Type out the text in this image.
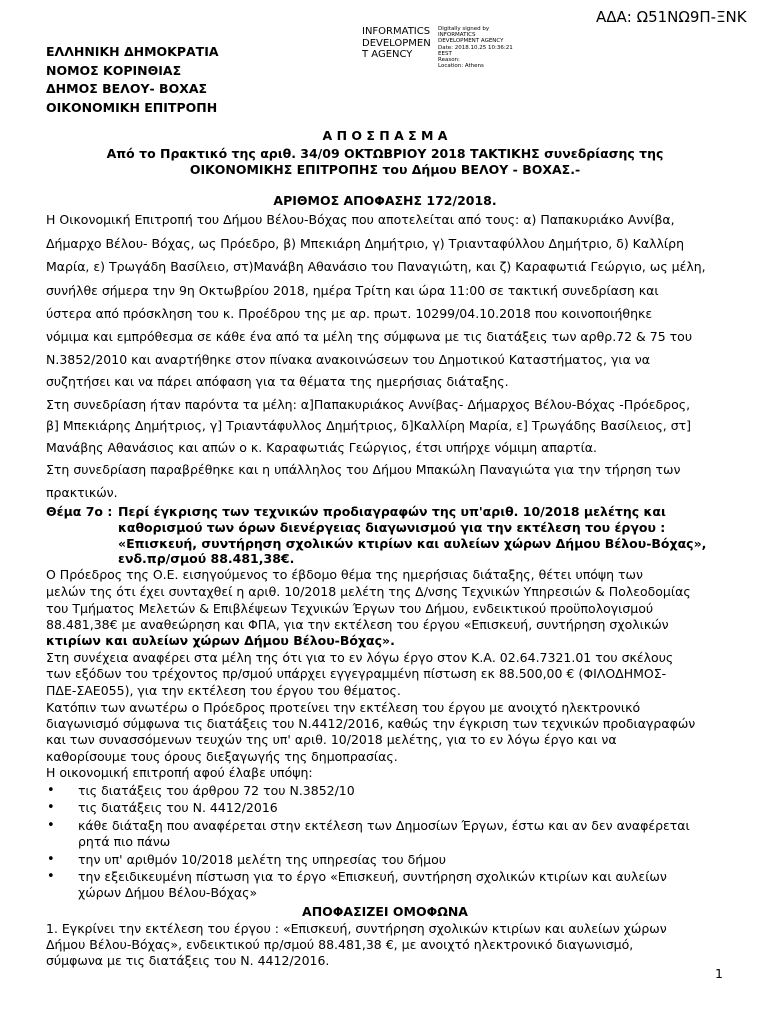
ΑΔΑ: Ω51ΝΩ9Π-ΞΝΚ
INFORMATICS
DEVELOPMEN
T AGENCY
Digitally signed by
INFORMATICS
DEVELOPMENT AGENCY
Date: 2018.10.25 10:36:21
EEST
Reason:
Location: Athens
ΕΛΛΗΝΙΚΗ ΔΗΜΟΚΡΑΤΙΑ
ΝΟΜΟΣ ΚΟΡΙΝΘΙΑΣ
ΔΗΜΟΣ ΒΕΛΟΥ- ΒΟΧΑΣ
ΟΙΚΟΝΟΜΙΚΗ ΕΠΙΤΡΟΠΗ
Α Π Ο Σ Π Α Σ Μ Α
Από το Πρακτικό της αριθ. 34/09 ΟΚΤΩΒΡΙΟΥ 2018 ΤΑΚΤΙΚΗΣ συνεδρίασης της
ΟΙΚΟΝΟΜΙΚΗΣ ΕΠΙΤΡΟΠΗΣ του Δήμου ΒΕΛΟΥ - ΒΟΧΑΣ.-
ΑΡΙΘΜΟΣ ΑΠΟΦΑΣΗΣ 172/2018.
Η Οικονομική Επιτροπή του Δήμου Βέλου-Βόχας που αποτελείται από τους: α) Παπακυριάκο Αννίβα,
Δήμαρχο Βέλου- Βόχας, ως Πρόεδρο, β) Μπεκιάρη Δημήτριο, γ) Τριανταφύλλου Δημήτριο, δ) Καλλίρη
Μαρία, ε) Τρωγάδη Βασίλειο, στ)Μανάβη Αθανάσιο του Παναγιώτη, και ζ) Καραφωτιά Γεώργιο, ως μέλη,
συνήλθε σήμερα την 9η Οκτωβρίου 2018, ημέρα Τρίτη και ώρα 11:00 σε τακτική συνεδρίαση και
ύστερα από πρόσκληση του κ. Προέδρου της με αρ. πρωτ. 10299/04.10.2018 που κοινοποιήθηκε
νόμιμα και εμπρόθεσμα σε κάθε ένα από τα μέλη της σύμφωνα με τις διατάξεις των αρθρ.72 & 75 του
Ν.3852/2010 και αναρτήθηκε στον πίνακα ανακοινώσεων του Δημοτικού Καταστήματος, για να
συζητήσει και να πάρει απόφαση για τα θέματα της ημερήσιας διάταξης.
Στη συνεδρίαση ήταν παρόντα τα μέλη: α]Παπακυριάκος Αννίβας- Δήμαρχος Βέλου-Βόχας -Πρόεδρος,
β] Μπεκιάρης Δημήτριος, γ] Τριαντάφυλλος Δημήτριος, δ]Καλλίρη Μαρία, ε] Τρωγάδης Βασίλειος, στ]
Μανάβης Αθανάσιος και απών ο κ. Καραφωτιάς Γεώργιος, έτσι υπήρχε νόμιμη απαρτία.
Στη συνεδρίαση παραβρέθηκε και η υπάλληλος του Δήμου Μπακώλη Παναγιώτα για την τήρηση των
πρακτικών.
Θέμα 7ο : Περί έγκρισης των τεχνικών προδιαγραφών της υπ'αριθ. 10/2018 μελέτης και
καθορισμού των όρων διενέργειας διαγωνισμού για την εκτέλεση του έργου :
«Επισκευή, συντήρηση σχολικών κτιρίων και αυλείων χώρων Δήμου Βέλου-Βόχας»,
ενδ.πρ/σμού 88.481,38€.
Ο Πρόεδρος της Ο.Ε. εισηγούμενος το έβδομο θέμα της ημερήσιας διάταξης, θέτει υπόψη των
μελών της ότι έχει συνταχθεί η αριθ. 10/2018 μελέτη της Δ/νσης Τεχνικών Υπηρεσιών & Πολεοδομίας
του Τμήματος Μελετών & Επιβλέψεων Τεχνικών Έργων του Δήμου, ενδεικτικού προϋπολογισμού
88.481,38€ με αναθεώρηση και ΦΠΑ, για την εκτέλεση του έργου «Επισκευή, συντήρηση σχολικών
κτιρίων και αυλείων χώρων Δήμου Βέλου-Βόχας».
Στη συνέχεια αναφέρει στα μέλη της ότι για το εν λόγω έργο στον Κ.Α. 02.64.7321.01 του σκέλους
των εξόδων του τρέχοντος πρ/σμού υπάρχει εγγεγραμμένη πίστωση εκ 88.500,00 € (ΦΙΛΟΔΗΜΟΣ-
ΠΔΕ-ΣΑΕ055), για την εκτέλεση του έργου του θέματος.
Κατόπιν των ανωτέρω ο Πρόεδρος προτείνει την εκτέλεση του έργου με ανοιχτό ηλεκτρονικό
διαγωνισμό σύμφωνα τις διατάξεις του Ν.4412/2016, καθώς την έγκριση των τεχνικών προδιαγραφών
και των συνασσόμενων τευχών της υπ' αριθ. 10/2018 μελέτης, για το εν λόγω έργο και να
καθορίσουμε τους όρους διεξαγωγής της δημοπρασίας.
Η οικονομική επιτροπή αφού έλαβε υπόψη:
• τις διατάξεις του άρθρου 72 του Ν.3852/10
• τις διατάξεις του Ν. 4412/2016
• κάθε διάταξη που αναφέρεται στην εκτέλεση των Δημοσίων Έργων, έστω και αν δεν αναφέρεται
ρητά πιο πάνω
• την υπ' αριθμόν 10/2018 μελέτη της υπηρεσίας του δήμου
• την εξειδικευμένη πίστωση για το έργο «Επισκευή, συντήρηση σχολικών κτιρίων και αυλείων
χώρων Δήμου Βέλου-Βόχας»
ΑΠΟΦΑΣΙΖΕΙ ΟΜΟΦΩΝΑ
1. Εγκρίνει την εκτέλεση του έργου : «Επισκευή, συντήρηση σχολικών κτιρίων και αυλείων χώρων
Δήμου Βέλου-Βόχας», ενδεικτικού πρ/σμού 88.481,38 €, με ανοιχτό ηλεκτρονικό διαγωνισμό,
σύμφωνα με τις διατάξεις του Ν. 4412/2016.
1
